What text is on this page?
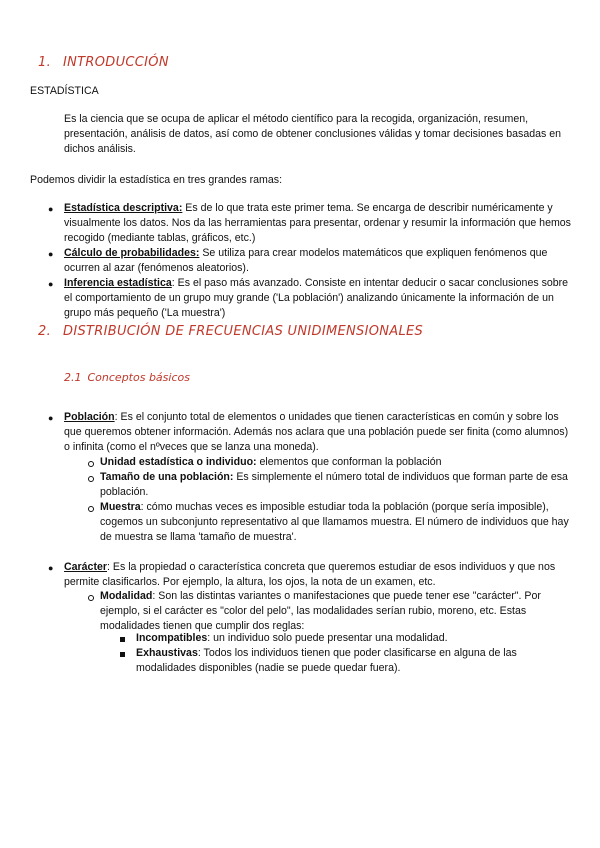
1. INTRODUCCIÓN
ESTADÍSTICA
Es la ciencia que se ocupa de aplicar el método científico para la recogida, organización, resumen, presentación, análisis de datos, así como de obtener conclusiones válidas y tomar decisiones basadas en dichos análisis.
Podemos dividir la estadística en tres grandes ramas:
● Estadística descriptiva: Es de lo que trata este primer tema. Se encarga de describir numéricamente y visualmente los datos. Nos da las herramientas para presentar, ordenar y resumir la información que hemos recogido (mediante tablas, gráficos, etc.)
● Cálculo de probabilidades: Se utiliza para crear modelos matemáticos que expliquen fenómenos que ocurren al azar (fenómenos aleatorios).
● Inferencia estadística: Es el paso más avanzado. Consiste en intentar deducir o sacar conclusiones sobre el comportamiento de un grupo muy grande ('La población') analizando únicamente la información de un grupo más pequeño ('La muestra')
2. DISTRIBUCIÓN DE FRECUENCIAS UNIDIMENSIONALES
2.1 Conceptos básicos
● Población: Es el conjunto total de elementos o unidades que tienen características en común y sobre los que queremos obtener información. Además nos aclara que una población puede ser finita (como alumnos) o infinita (como el nºveces que se lanza una moneda).
Unidad estadística o individuo: elementos que conforman la población
Tamaño de una población: Es simplemente el número total de individuos que forman parte de esa población.
Muestra: cómo muchas veces es imposible estudiar toda la población (porque sería imposible), cogemos un subconjunto representativo al que llamamos muestra. El número de individuos que hay de muestra se llama 'tamaño de muestra'.
● Carácter: Es la propiedad o característica concreta que queremos estudiar de esos individuos y que nos permite clasificarlos. Por ejemplo, la altura, los ojos, la nota de un examen, etc.
Modalidad: Son las distintas variantes o manifestaciones que puede tener ese "carácter". Por ejemplo, si el carácter es "color del pelo", las modalidades serían rubio, moreno, etc. Estas modalidades tienen que cumplir dos reglas:
Incompatibles: un individuo solo puede presentar una modalidad.
Exhaustivas: Todos los individuos tienen que poder clasificarse en alguna de las modalidades disponibles (nadie se puede quedar fuera).
